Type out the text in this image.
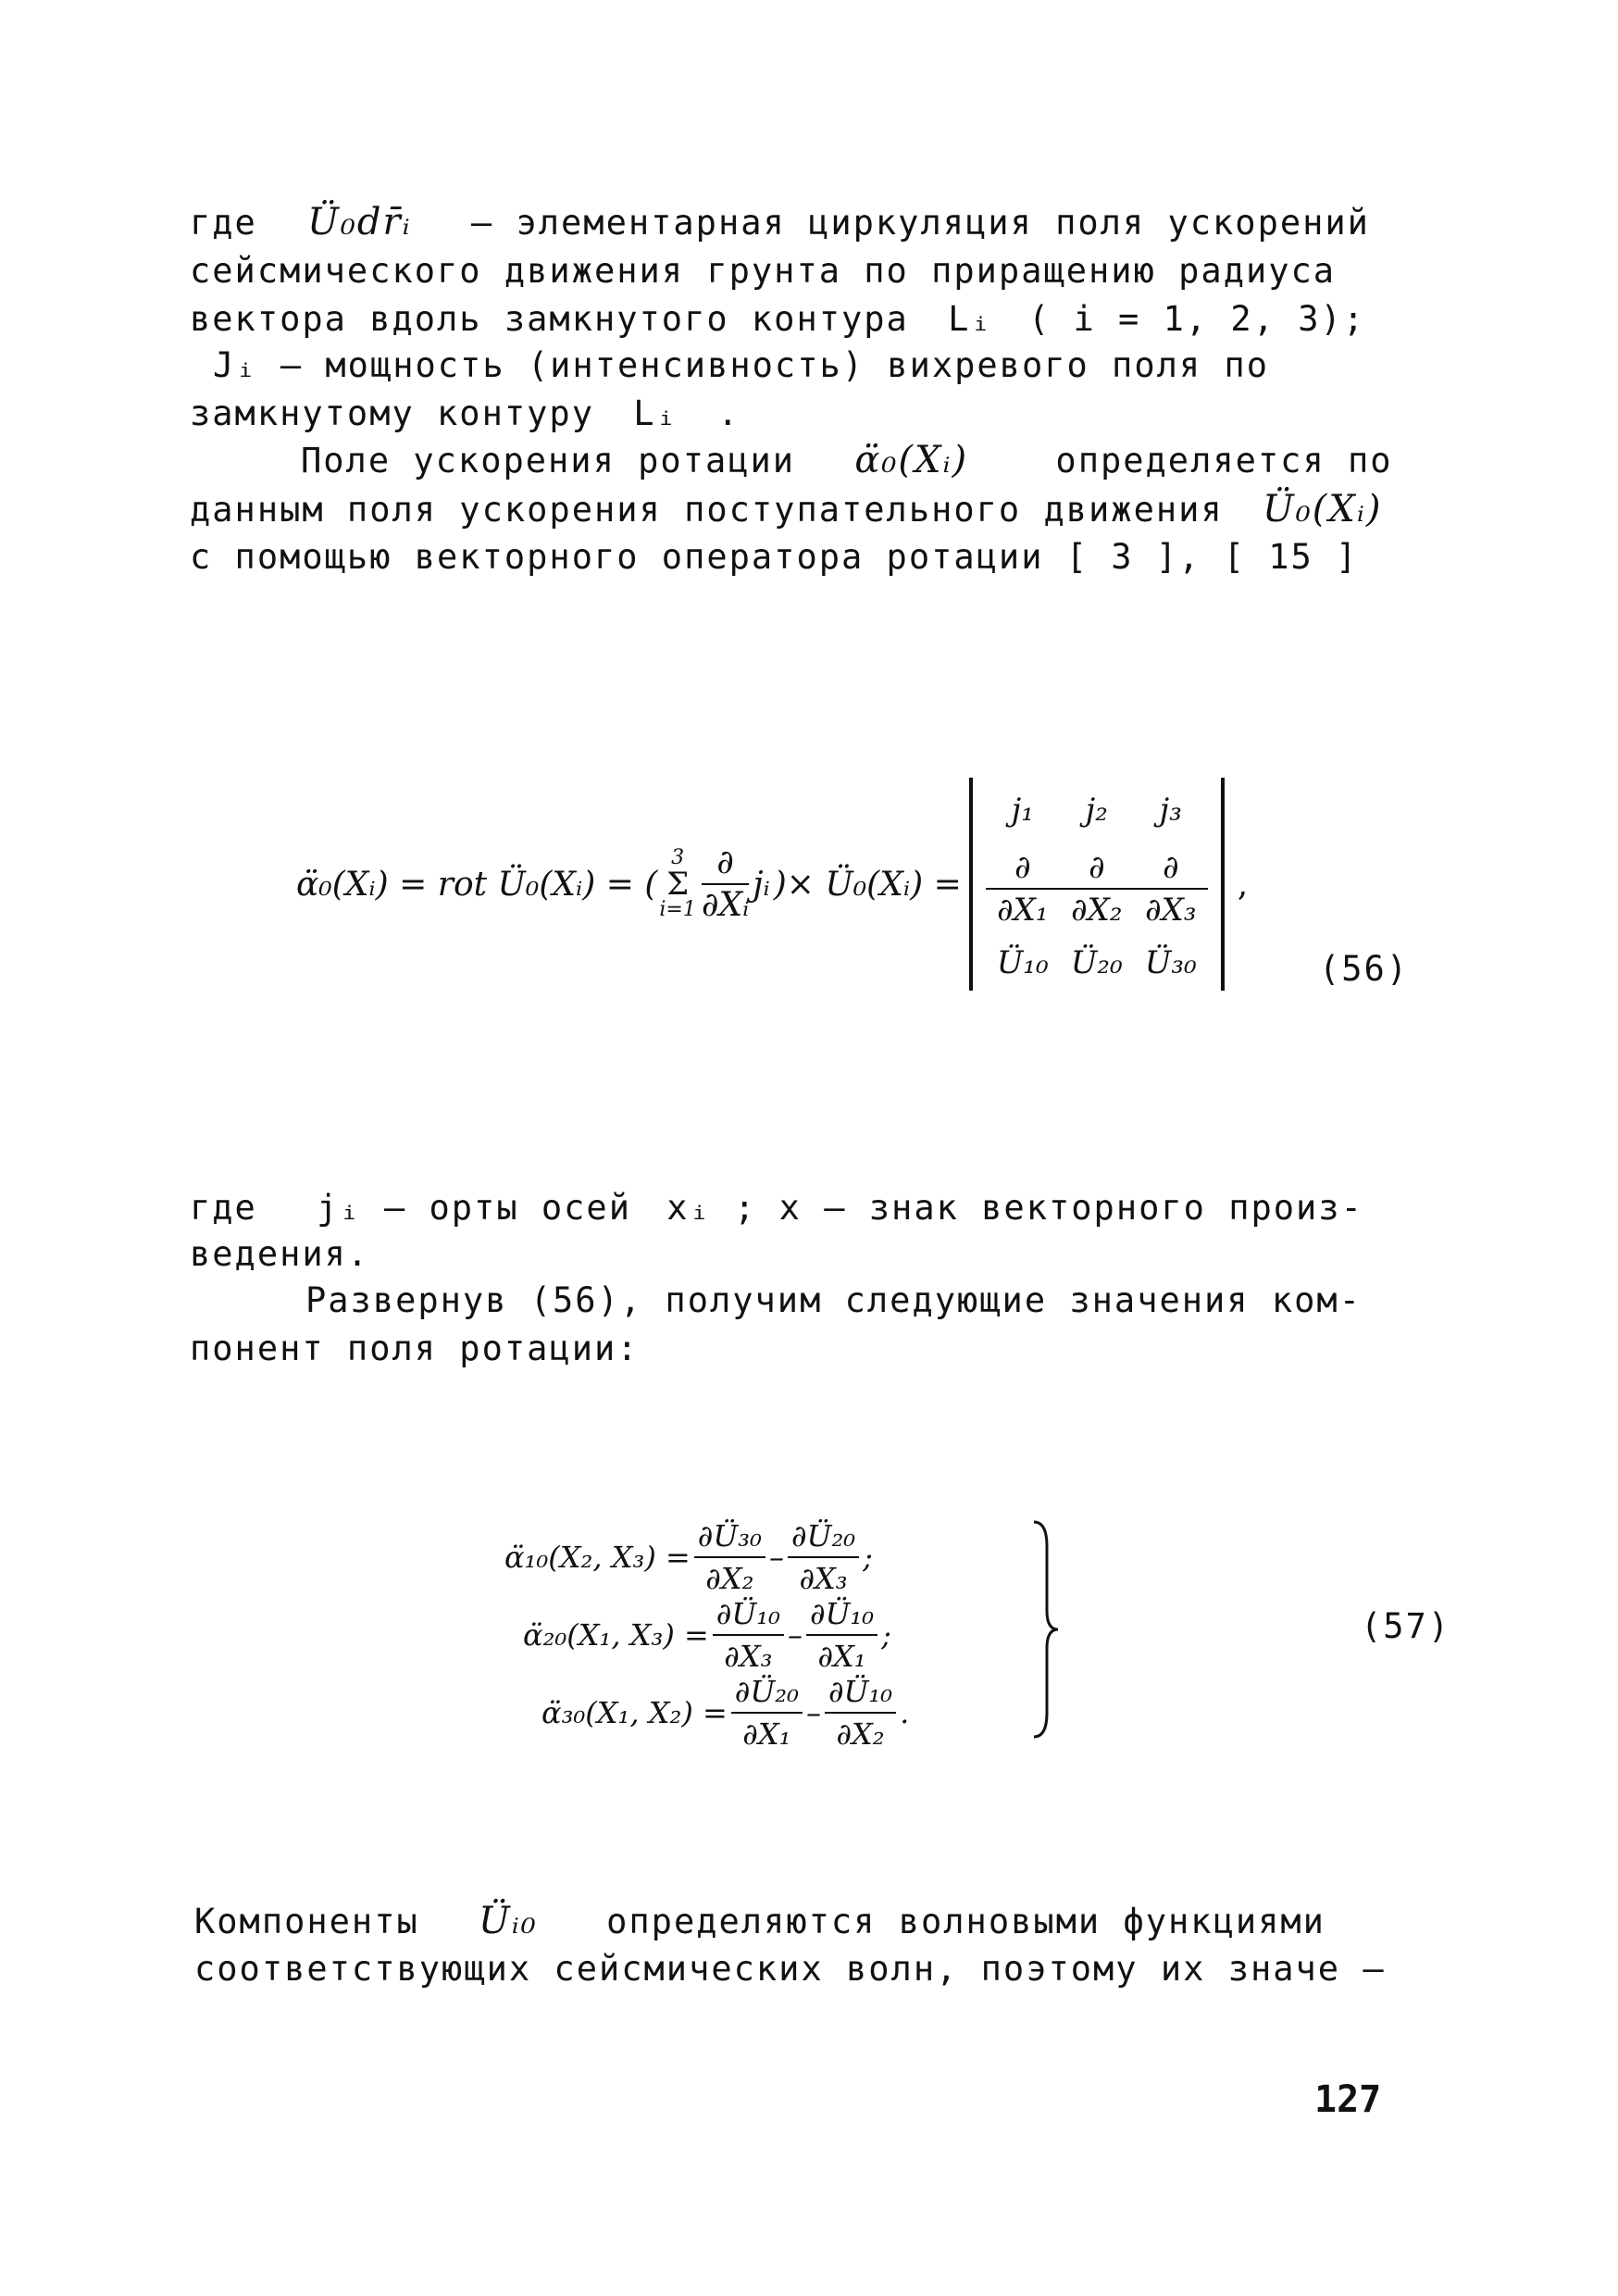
где Ü₀dr̄ᵢ – элементарная циркуляция поля ускорений
сейсмического движения грунта по приращению радиуса
вектора вдоль замкнутого контура Lᵢ ( i = 1, 2, 3);
Jᵢ – мощность (интенсивность) вихревого поля по
замкнутому контуру Lᵢ .
Поле ускорения ротации α̈₀(Xᵢ)	определяется по
данным поля ускорения поступательного движения Ü₀(Xᵢ)
с помощью векторного оператора ротации [ 3 ], [ 15 ]
α̈₀(Xᵢ) = rot Ü₀(Xᵢ) = (
3
Σ
$i=1 \frac{\partial}{\text{∂Xᵢ}}$ jᵢ )× Ü₀(Xᵢ) =
j₁	j₂	j₃
$\frac{\partial}{\text{∂X₁}} \frac{\partial}{\text{∂X₂}} \frac{\partial}{\text{∂X₃}}$
Ü₁₀ Ü₂₀ Ü₃₀
,
(56)
где jᵢ – орты осей xᵢ ; x – знак векторного произ-
ведения.
Развернув (56), получим следующие значения ком-
понент поля ротации:
α̈₁₀(X₂, $X_3) = \frac{\text{∂Ü₃₀}}{\text{∂X₂}} - \frac{\text{∂Ü₂₀}}{\text{∂X₃}}$ ;
α̈₂₀(X₁, $X_3) = \frac{\text{∂Ü₁₀}}{\text{∂X₃}} - \frac{\text{∂Ü₁₀}}{\text{∂X₁}}$ ;
α̈₃₀(X₁, $X_2) = \frac{\text{∂Ü₂₀}}{\text{∂X₁}} - \frac{\text{∂Ü₁₀}}{\text{∂X₂}}$ .
(57)
Компоненты Üᵢ₀ определяются волновыми функциями
соответствующих сейсмических волн, поэтому их значе –
127
